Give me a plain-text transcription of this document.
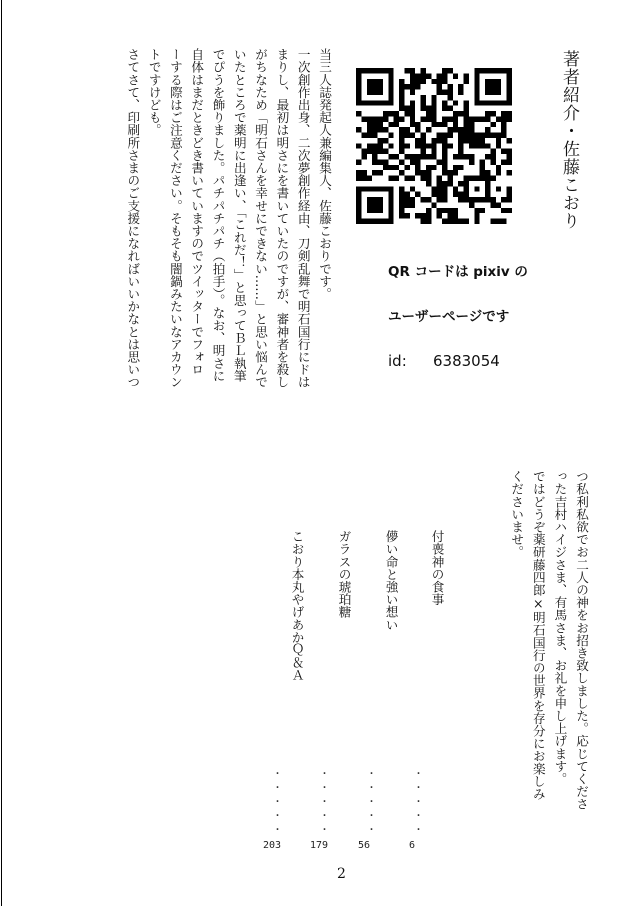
著者紹介・佐藤こおり
QR コードは pixiv の
ユーザーページです
id: 6383054
当三人誌発起人兼編集人、佐藤こおりです。
一次創作出身、二次夢創作経由、刀剣乱舞で明石国行にドは
まりし、最初は明さにを書いていたのですが、審神者を殺し
がちなため「明石さんを幸せにできない……」と思い悩んで
いたところで薬明に出逢い、「これだ！」と思ってＢＬ執筆
でぴうを飾りました。パチパチパチ（拍手）。なお、明さに
自体はまだときどき書いていますのでツイッターでフォロ
ーする際はご注意ください。そもそも闇鍋みたいなアカウン
トですけども。
さてさて、印刷所さまのご支援になればいいかなとは思いつ
つ私利私欲でお二人の神をお招き致しました。応じてくださ
った吉村ハイジさま、有馬さま、お礼を申し上げます。
ではどうぞ薬研藤四郎×明石国行の世界を存分にお楽しみ
くださいませ。
付喪神の食事
儚い命と強い想い
ガラスの琥珀糖
こおり本丸やげあかＱ＆Ａ
・・・・・
・・・・・
・・・・・
・・・・・
6
56
179
203
2
